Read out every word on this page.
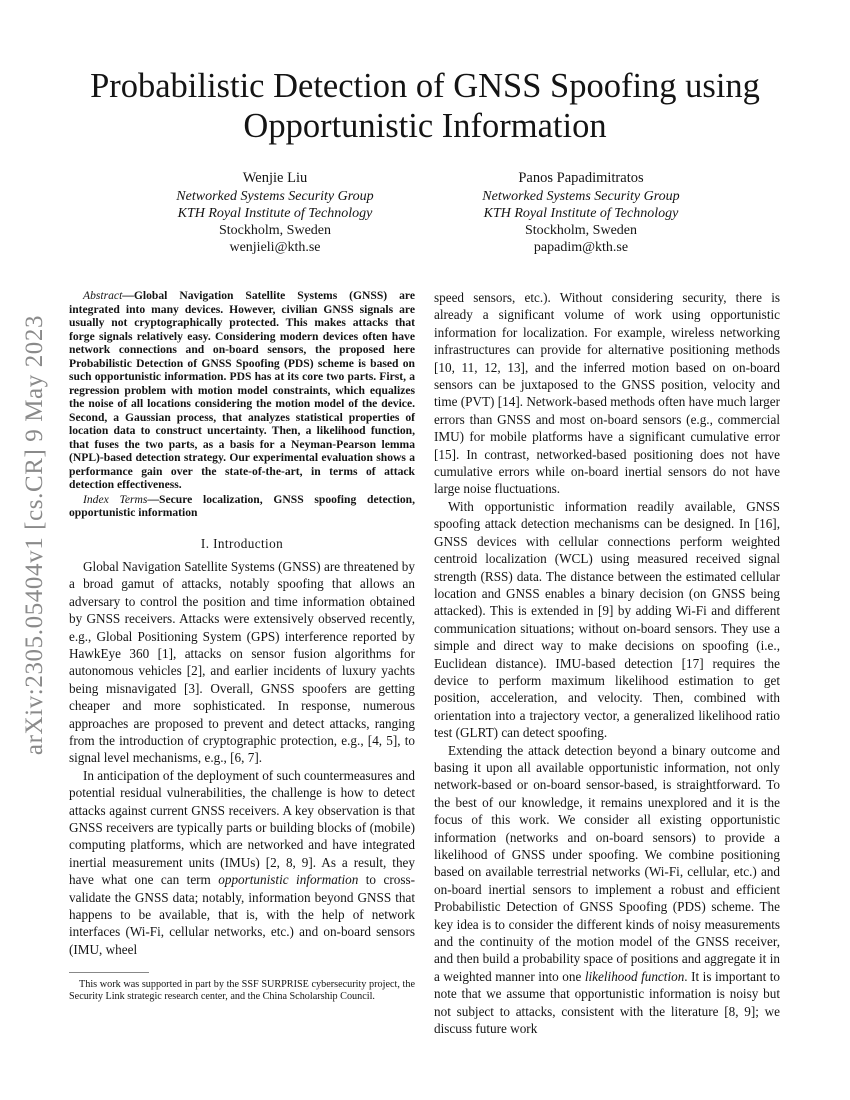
arXiv:2305.05404v1 [cs.CR] 9 May 2023
Probabilistic Detection of GNSS Spoofing using Opportunistic Information
Wenjie Liu
Networked Systems Security Group
KTH Royal Institute of Technology
Stockholm, Sweden
wenjieli@kth.se
Panos Papadimitratos
Networked Systems Security Group
KTH Royal Institute of Technology
Stockholm, Sweden
papadim@kth.se

Abstract—Global Navigation Satellite Systems (GNSS) are integrated into many devices. However, civilian GNSS signals are usually not cryptographically protected. This makes attacks that forge signals relatively easy. Considering modern devices often have network connections and on-board sensors, the proposed here Probabilistic Detection of GNSS Spoofing (PDS) scheme is based on such opportunistic information. PDS has at its core two parts. First, a regression problem with motion model constraints, which equalizes the noise of all locations considering the motion model of the device. Second, a Gaussian process, that analyzes statistical properties of location data to construct uncertainty. Then, a likelihood function, that fuses the two parts, as a basis for a Neyman-Pearson lemma (NPL)-based detection strategy. Our experimental evaluation shows a performance gain over the state-of-the-art, in terms of attack detection effectiveness.

Index Terms—Secure localization, GNSS spoofing detection, opportunistic information

I. Introduction

Global Navigation Satellite Systems (GNSS) are threatened by a broad gamut of attacks, notably spoofing that allows an adversary to control the position and time information obtained by GNSS receivers. Attacks were extensively observed recently, e.g., Global Positioning System (GPS) interference reported by HawkEye 360 [1], attacks on sensor fusion algorithms for autonomous vehicles [2], and earlier incidents of luxury yachts being misnavigated [3]. Overall, GNSS spoofers are getting cheaper and more sophisticated. In response, numerous approaches are proposed to prevent and detect attacks, ranging from the introduction of cryptographic protection, e.g., [4, 5], to signal level mechanisms, e.g., [6, 7].

In anticipation of the deployment of such countermeasures and potential residual vulnerabilities, the challenge is how to detect attacks against current GNSS receivers. A key observation is that GNSS receivers are typically parts or building blocks of (mobile) computing platforms, which are networked and have integrated inertial measurement units (IMUs) [2, 8, 9]. As a result, they have what one can term opportunistic information to cross-validate the GNSS data; notably, information beyond GNSS that happens to be available, that is, with the help of network interfaces (Wi-Fi, cellular networks, etc.) and on-board sensors (IMU, wheel

This work was supported in part by the SSF SURPRISE cybersecurity project, the Security Link strategic research center, and the China Scholarship Council.

speed sensors, etc.). Without considering security, there is already a significant volume of work using opportunistic information for localization. For example, wireless networking infrastructures can provide for alternative positioning methods [10, 11, 12, 13], and the inferred motion based on on-board sensors can be juxtaposed to the GNSS position, velocity and time (PVT) [14]. Network-based methods often have much larger errors than GNSS and most on-board sensors (e.g., commercial IMU) for mobile platforms have a significant cumulative error [15]. In contrast, networked-based positioning does not have cumulative errors while on-board inertial sensors do not have large noise fluctuations.

With opportunistic information readily available, GNSS spoofing attack detection mechanisms can be designed. In [16], GNSS devices with cellular connections perform weighted centroid localization (WCL) using measured received signal strength (RSS) data. The distance between the estimated cellular location and GNSS enables a binary decision (on GNSS being attacked). This is extended in [9] by adding Wi-Fi and different communication situations; without on-board sensors. They use a simple and direct way to make decisions on spoofing (i.e., Euclidean distance). IMU-based detection [17] requires the device to perform maximum likelihood estimation to get position, acceleration, and velocity. Then, combined with orientation into a trajectory vector, a generalized likelihood ratio test (GLRT) can detect spoofing.

Extending the attack detection beyond a binary outcome and basing it upon all available opportunistic information, not only network-based or on-board sensor-based, is straightforward. To the best of our knowledge, it remains unexplored and it is the focus of this work. We consider all existing opportunistic information (networks and on-board sensors) to provide a likelihood of GNSS under spoofing. We combine positioning based on available terrestrial networks (Wi-Fi, cellular, etc.) and on-board inertial sensors to implement a robust and efficient Probabilistic Detection of GNSS Spoofing (PDS) scheme. The key idea is to consider the different kinds of noisy measurements and the continuity of the motion model of the GNSS receiver, and then build a probability space of positions and aggregate it in a weighted manner into one likelihood function. It is important to note that we assume that opportunistic information is noisy but not subject to attacks, consistent with the literature [8, 9]; we discuss future work
